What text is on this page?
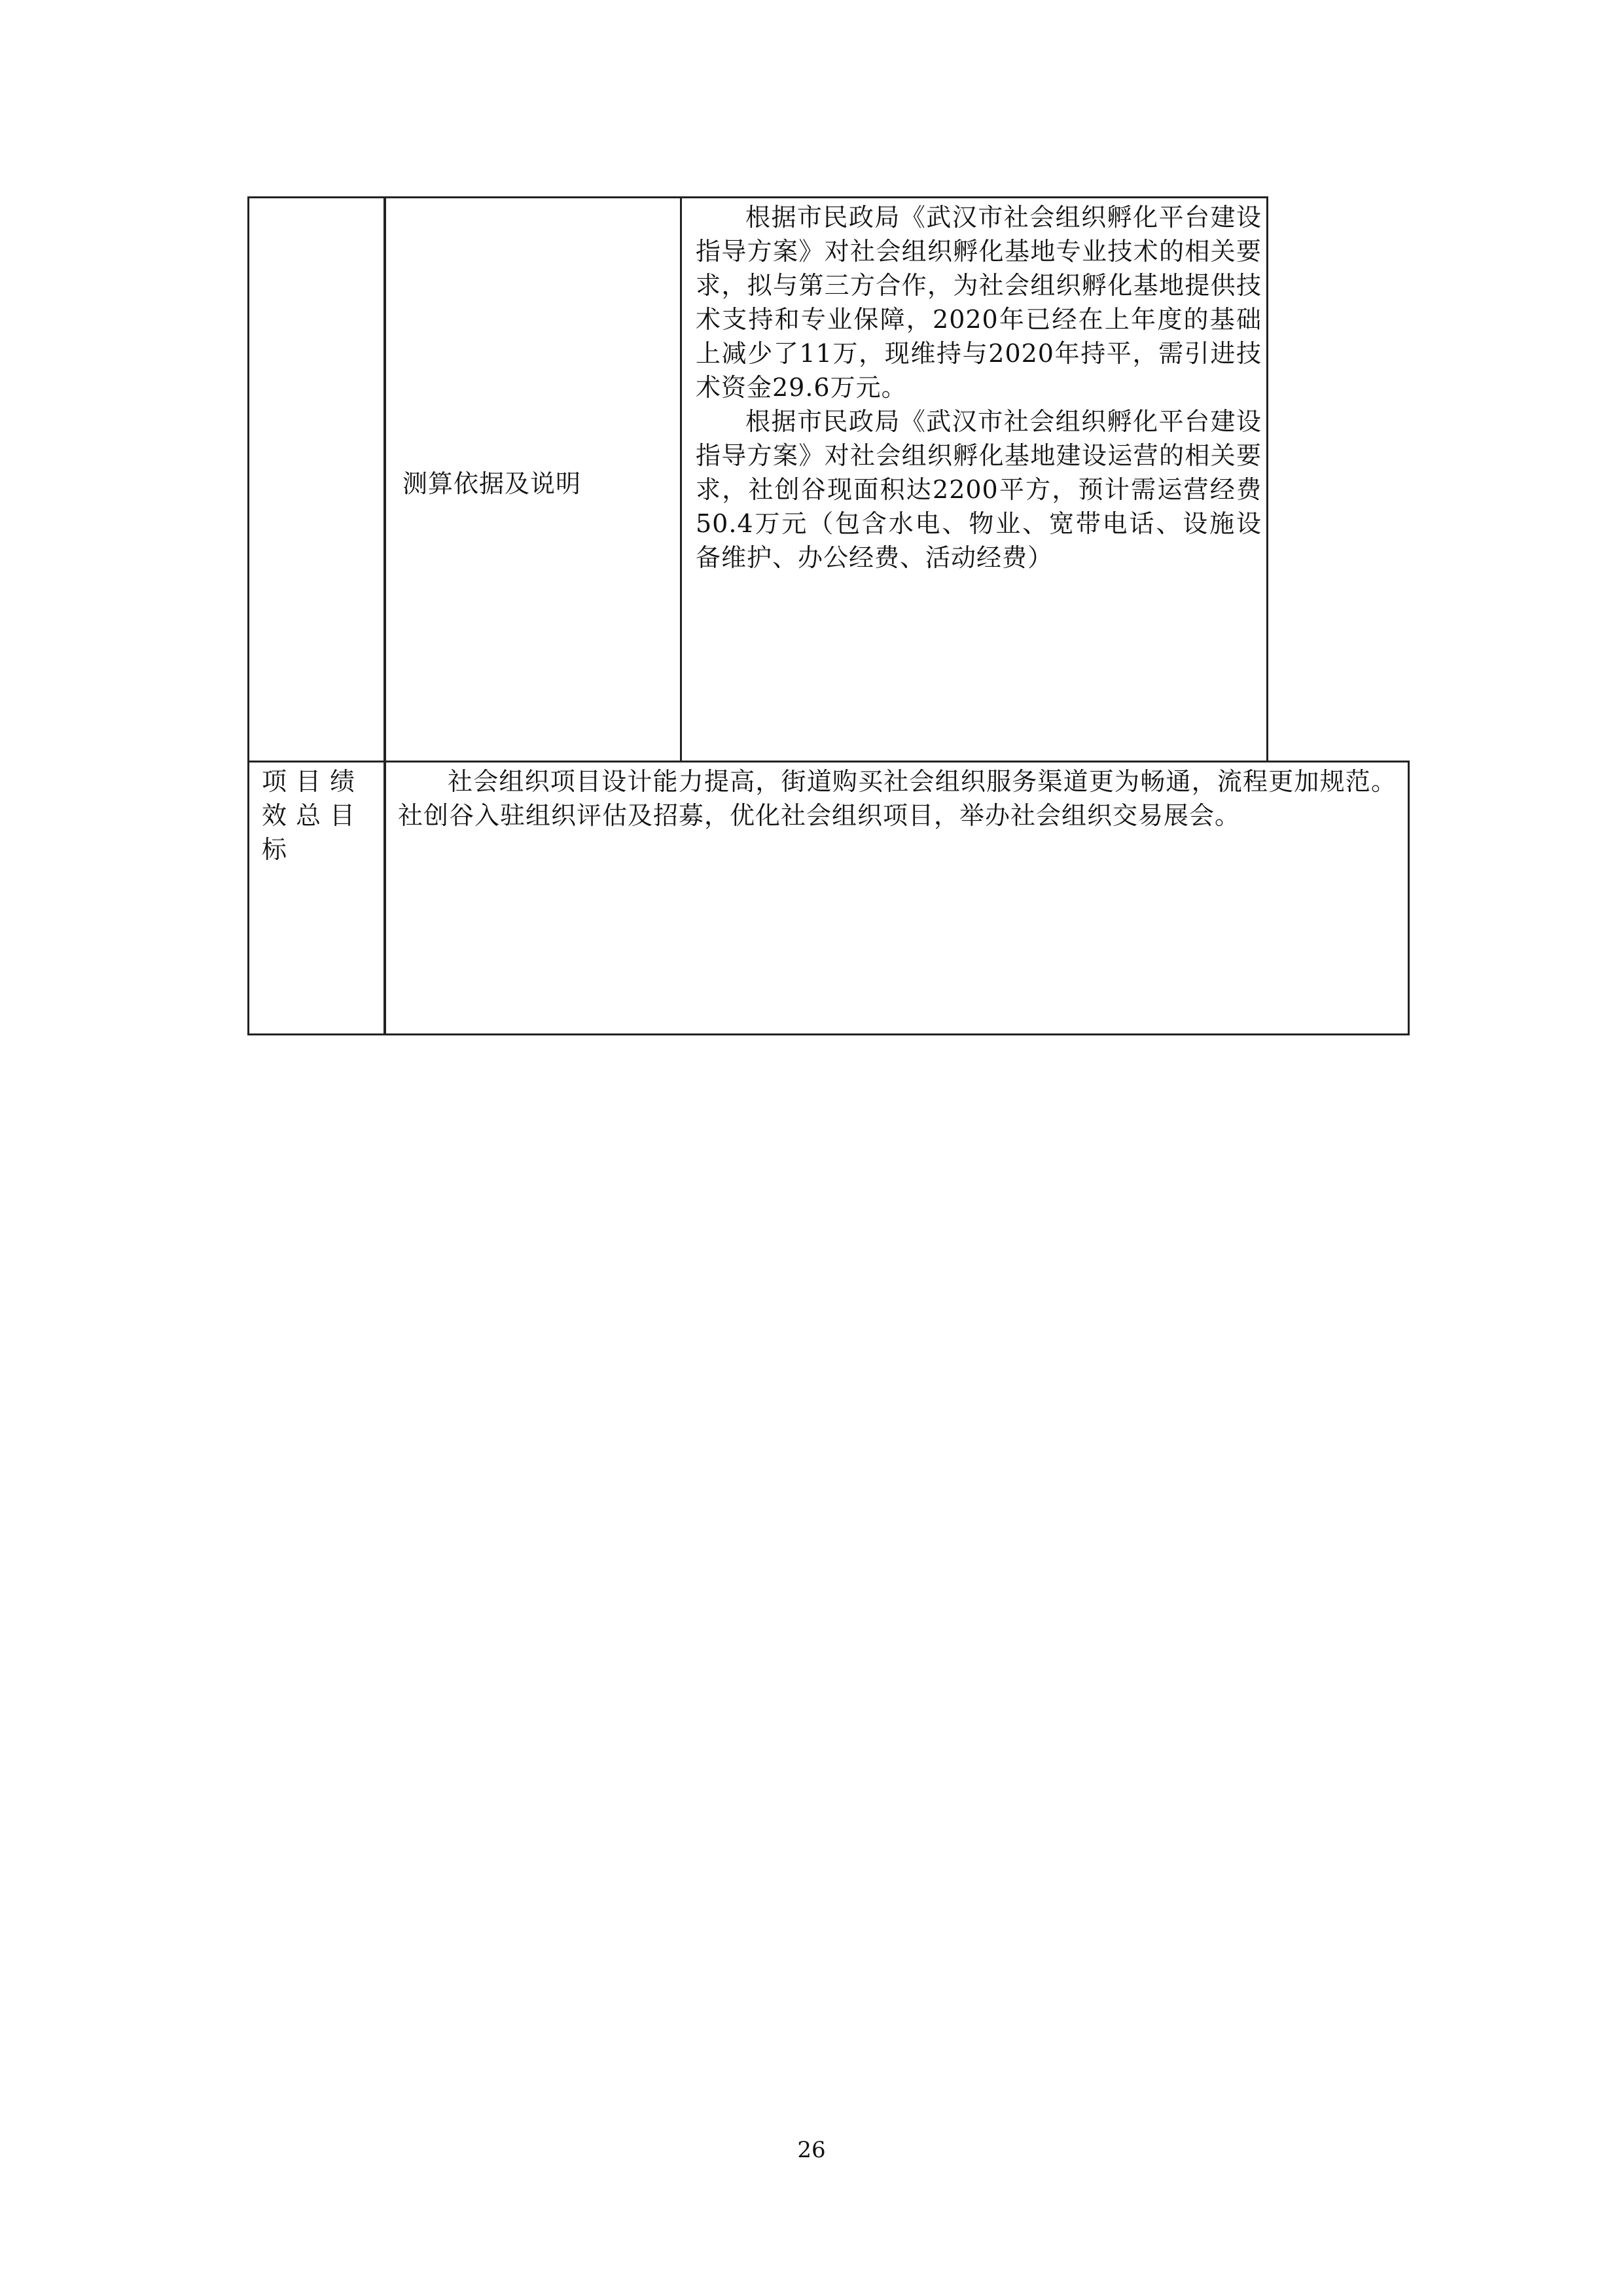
测算依据及说明

根据市民政局《武汉市社会组织孵化平台建设指导方案》对社会组织孵化基地专业技术的相关要求，拟与第三方合作，为社会组织孵化基地提供技术支持和专业保障，2020年已经在上年度的基础上减少了11万，现维持与2020年持平，需引进技术资金29.6万元。

根据市民政局《武汉市社会组织孵化平台建设指导方案》对社会组织孵化基地建设运营的相关要求，社创谷现面积达2200平方，预计需运营经费50.4万元（包含水电、物业、宽带电话、设施设备维护、办公经费、活动经费）

项目绩效总目标

社会组织项目设计能力提高，街道购买社会组织服务渠道更为畅通，流程更加规范。社创谷入驻组织评估及招募，优化社会组织项目，举办社会组织交易展会。

26
